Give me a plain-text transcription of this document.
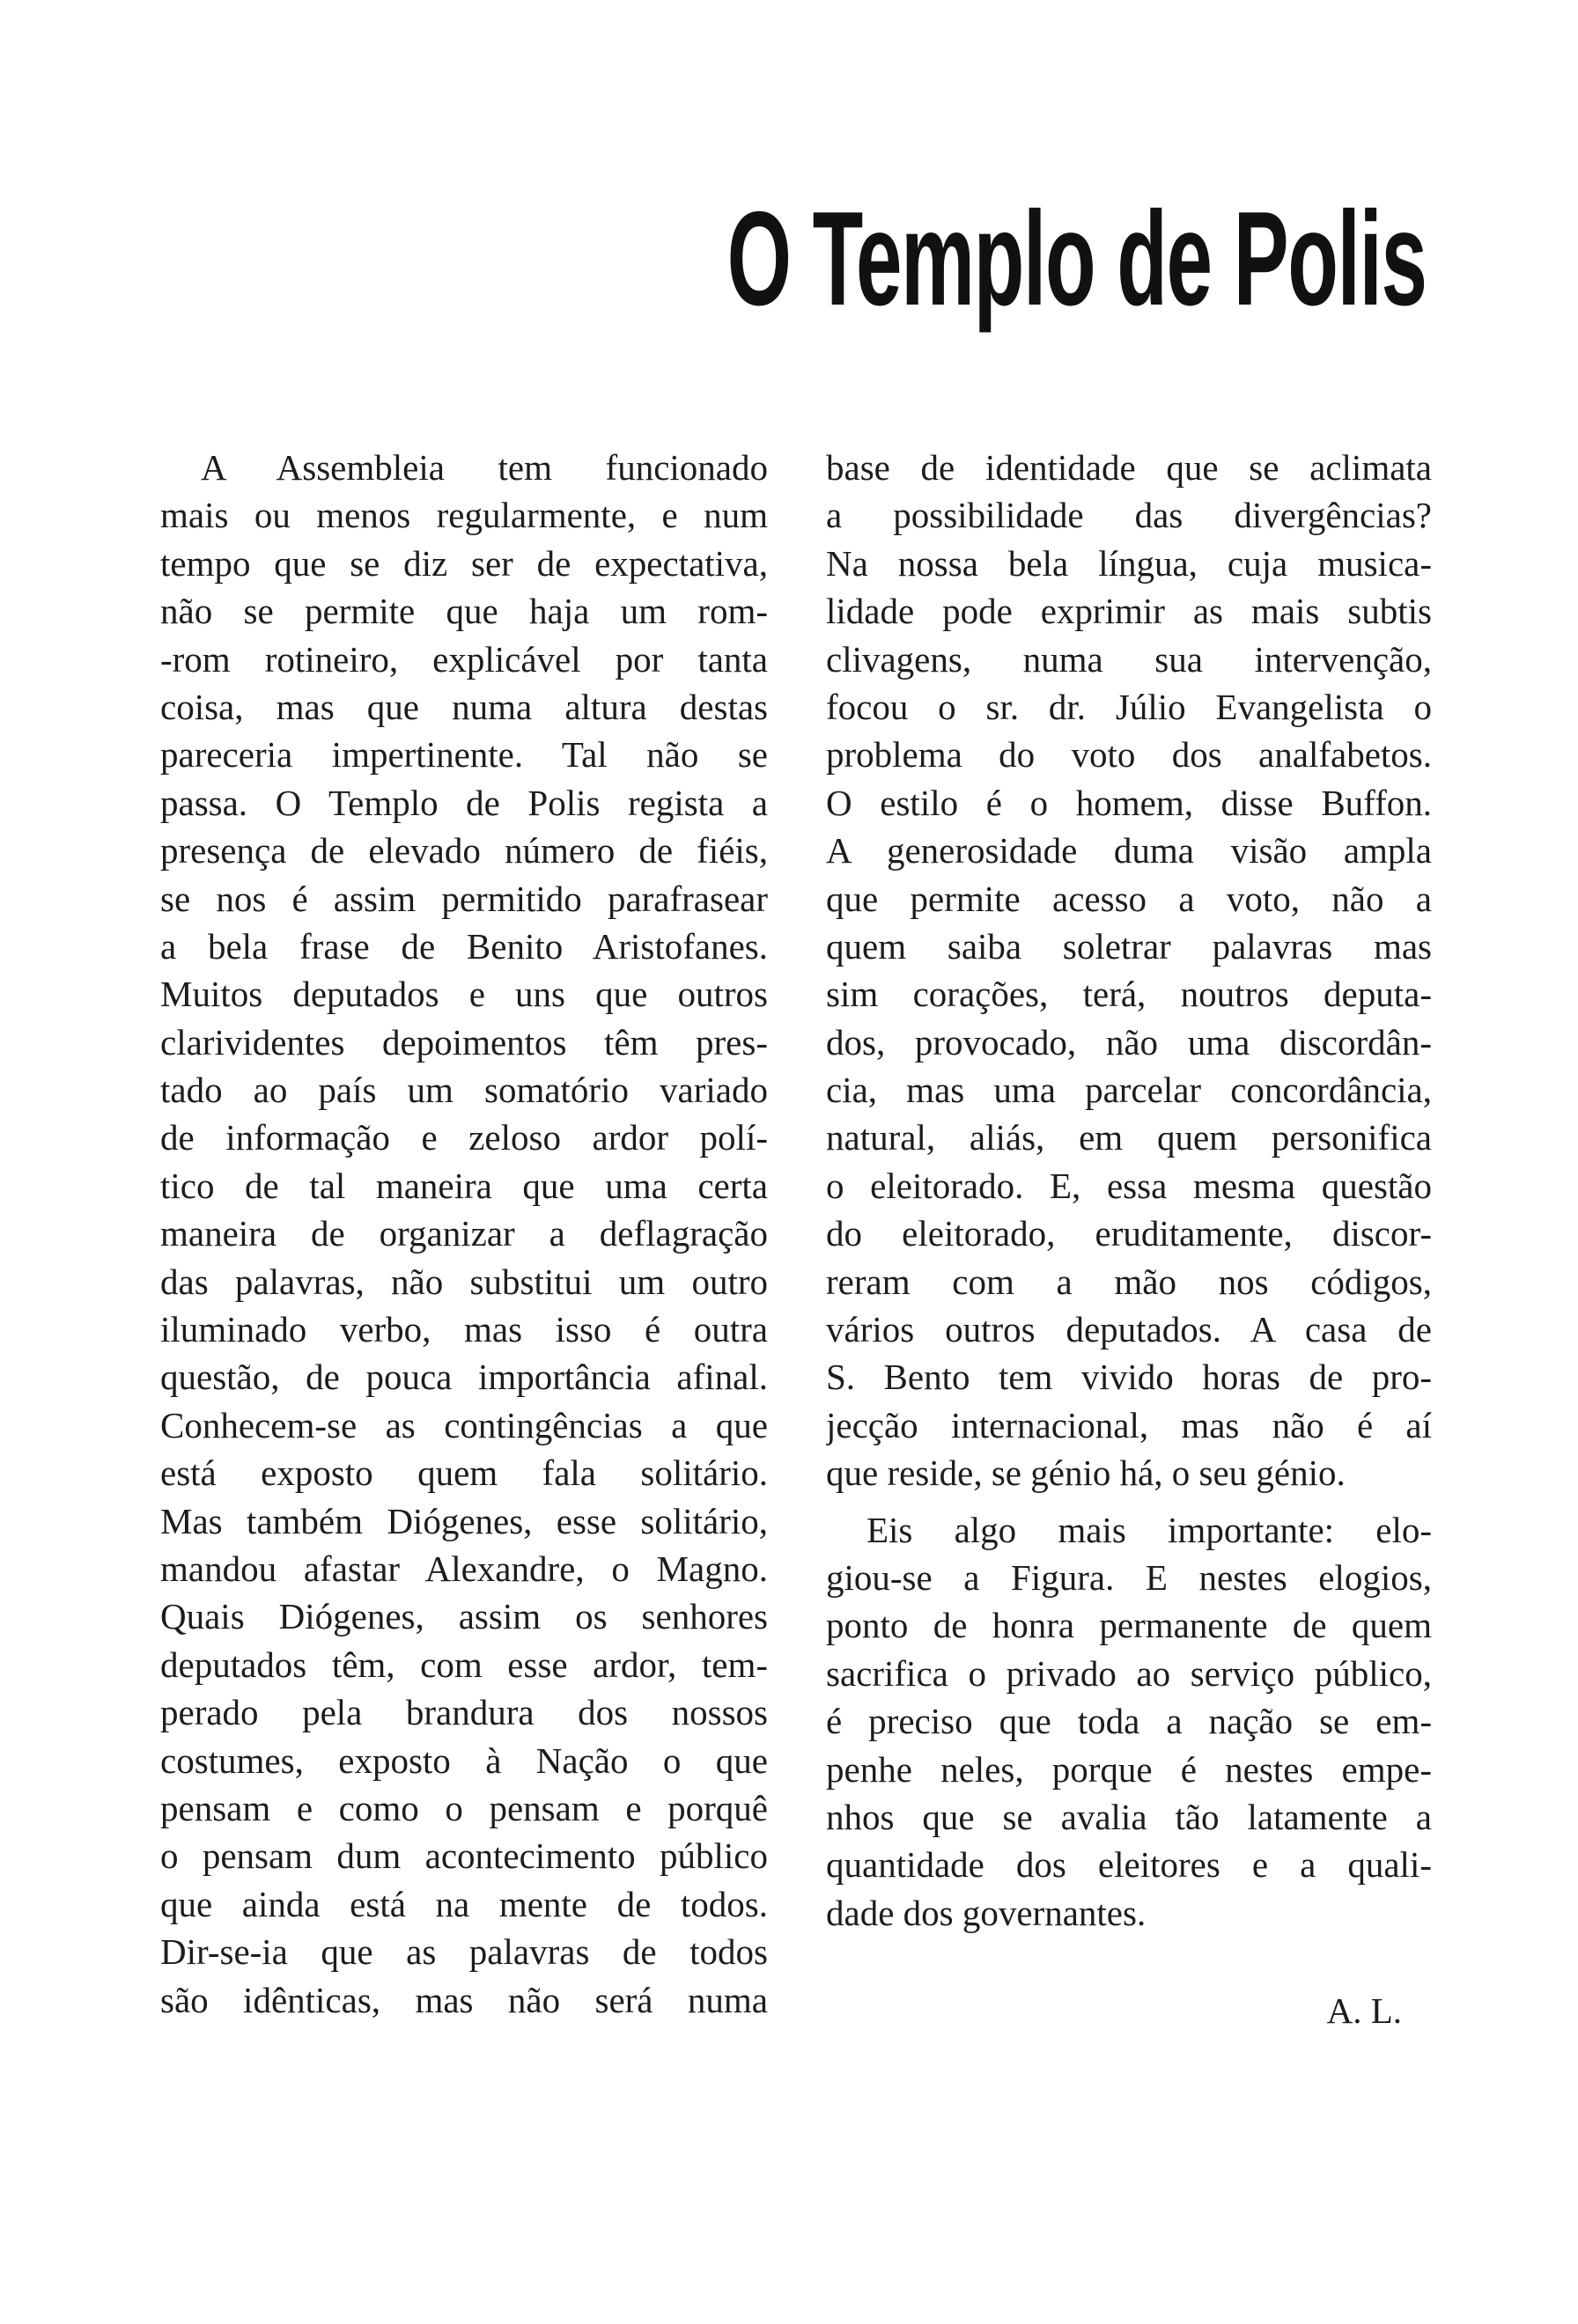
O Templo de Polis
A Assembleia tem funcionado
mais ou menos regularmente, e num
tempo que se diz ser de expectativa,
não se permite que haja um rom-
-rom rotineiro, explicável por tanta
coisa, mas que numa altura destas
pareceria impertinente. Tal não se
passa. O Templo de Polis regista a
presença de elevado número de fiéis,
se nos é assim permitido parafrasear
a bela frase de Benito Aristofanes.
Muitos deputados e uns que outros
clarividentes depoimentos têm pres-
tado ao país um somatório variado
de informação e zeloso ardor polí-
tico de tal maneira que uma certa
maneira de organizar a deflagração
das palavras, não substitui um outro
iluminado verbo, mas isso é outra
questão, de pouca importância afinal.
Conhecem-se as contingências a que
está exposto quem fala solitário.
Mas também Diógenes, esse solitário,
mandou afastar Alexandre, o Magno.
Quais Diógenes, assim os senhores
deputados têm, com esse ardor, tem-
perado pela brandura dos nossos
costumes, exposto à Nação o que
pensam e como o pensam e porquê
o pensam dum acontecimento público
que ainda está na mente de todos.
Dir-se-ia que as palavras de todos
são idênticas, mas não será numa
base de identidade que se aclimata
a possibilidade das divergências?
Na nossa bela língua, cuja musica-
lidade pode exprimir as mais subtis
clivagens, numa sua intervenção,
focou o sr. dr. Júlio Evangelista o
problema do voto dos analfabetos.
O estilo é o homem, disse Buffon.
A generosidade duma visão ampla
que permite acesso a voto, não a
quem saiba soletrar palavras mas
sim corações, terá, noutros deputa-
dos, provocado, não uma discordân-
cia, mas uma parcelar concordância,
natural, aliás, em quem personifica
o eleitorado. E, essa mesma questão
do eleitorado, eruditamente, discor-
reram com a mão nos códigos,
vários outros deputados. A casa de
S. Bento tem vivido horas de pro-
jecção internacional, mas não é aí
que reside, se génio há, o seu génio.
Eis algo mais importante: elo-
giou-se a Figura. E nestes elogios,
ponto de honra permanente de quem
sacrifica o privado ao serviço público,
é preciso que toda a nação se em-
penhe neles, porque é nestes empe-
nhos que se avalia tão latamente a
quantidade dos eleitores e a quali-
dade dos governantes.
A. L.
